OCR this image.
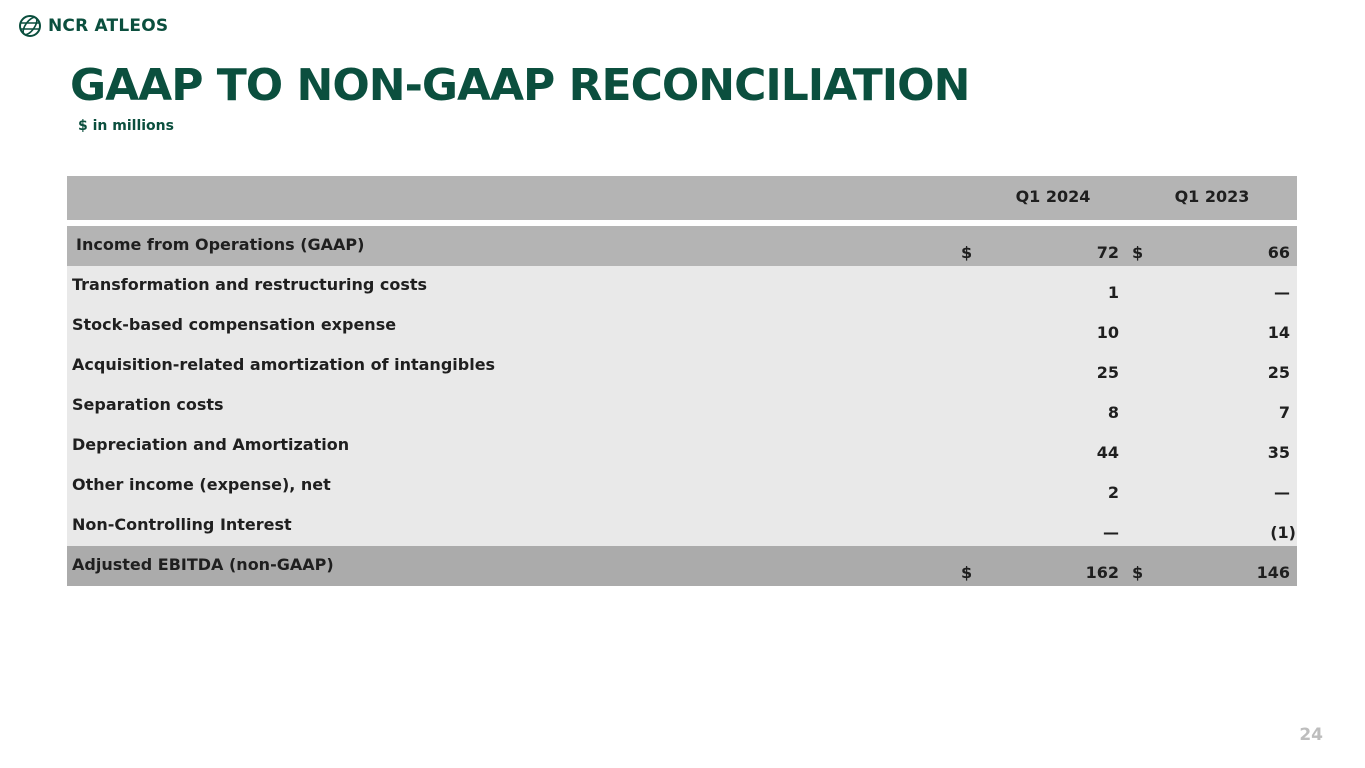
NCR ATLEOS
GAAP TO NON-GAAP RECONCILIATION
$ in millions
Q1 2024	Q1 2023
Income from Operations (GAAP)	$	72 $	66
Transformation and restructuring costs	1	—
Stock-based compensation expense	10	14
Acquisition-related amortization of intangibles	25	25
Separation costs	8	7
Depreciation and Amortization	44	35
Other income (expense), net	2	—
Non-Controlling Interest	—	(1)
Adjusted EBITDA (non-GAAP)	$	162 $	146
24
